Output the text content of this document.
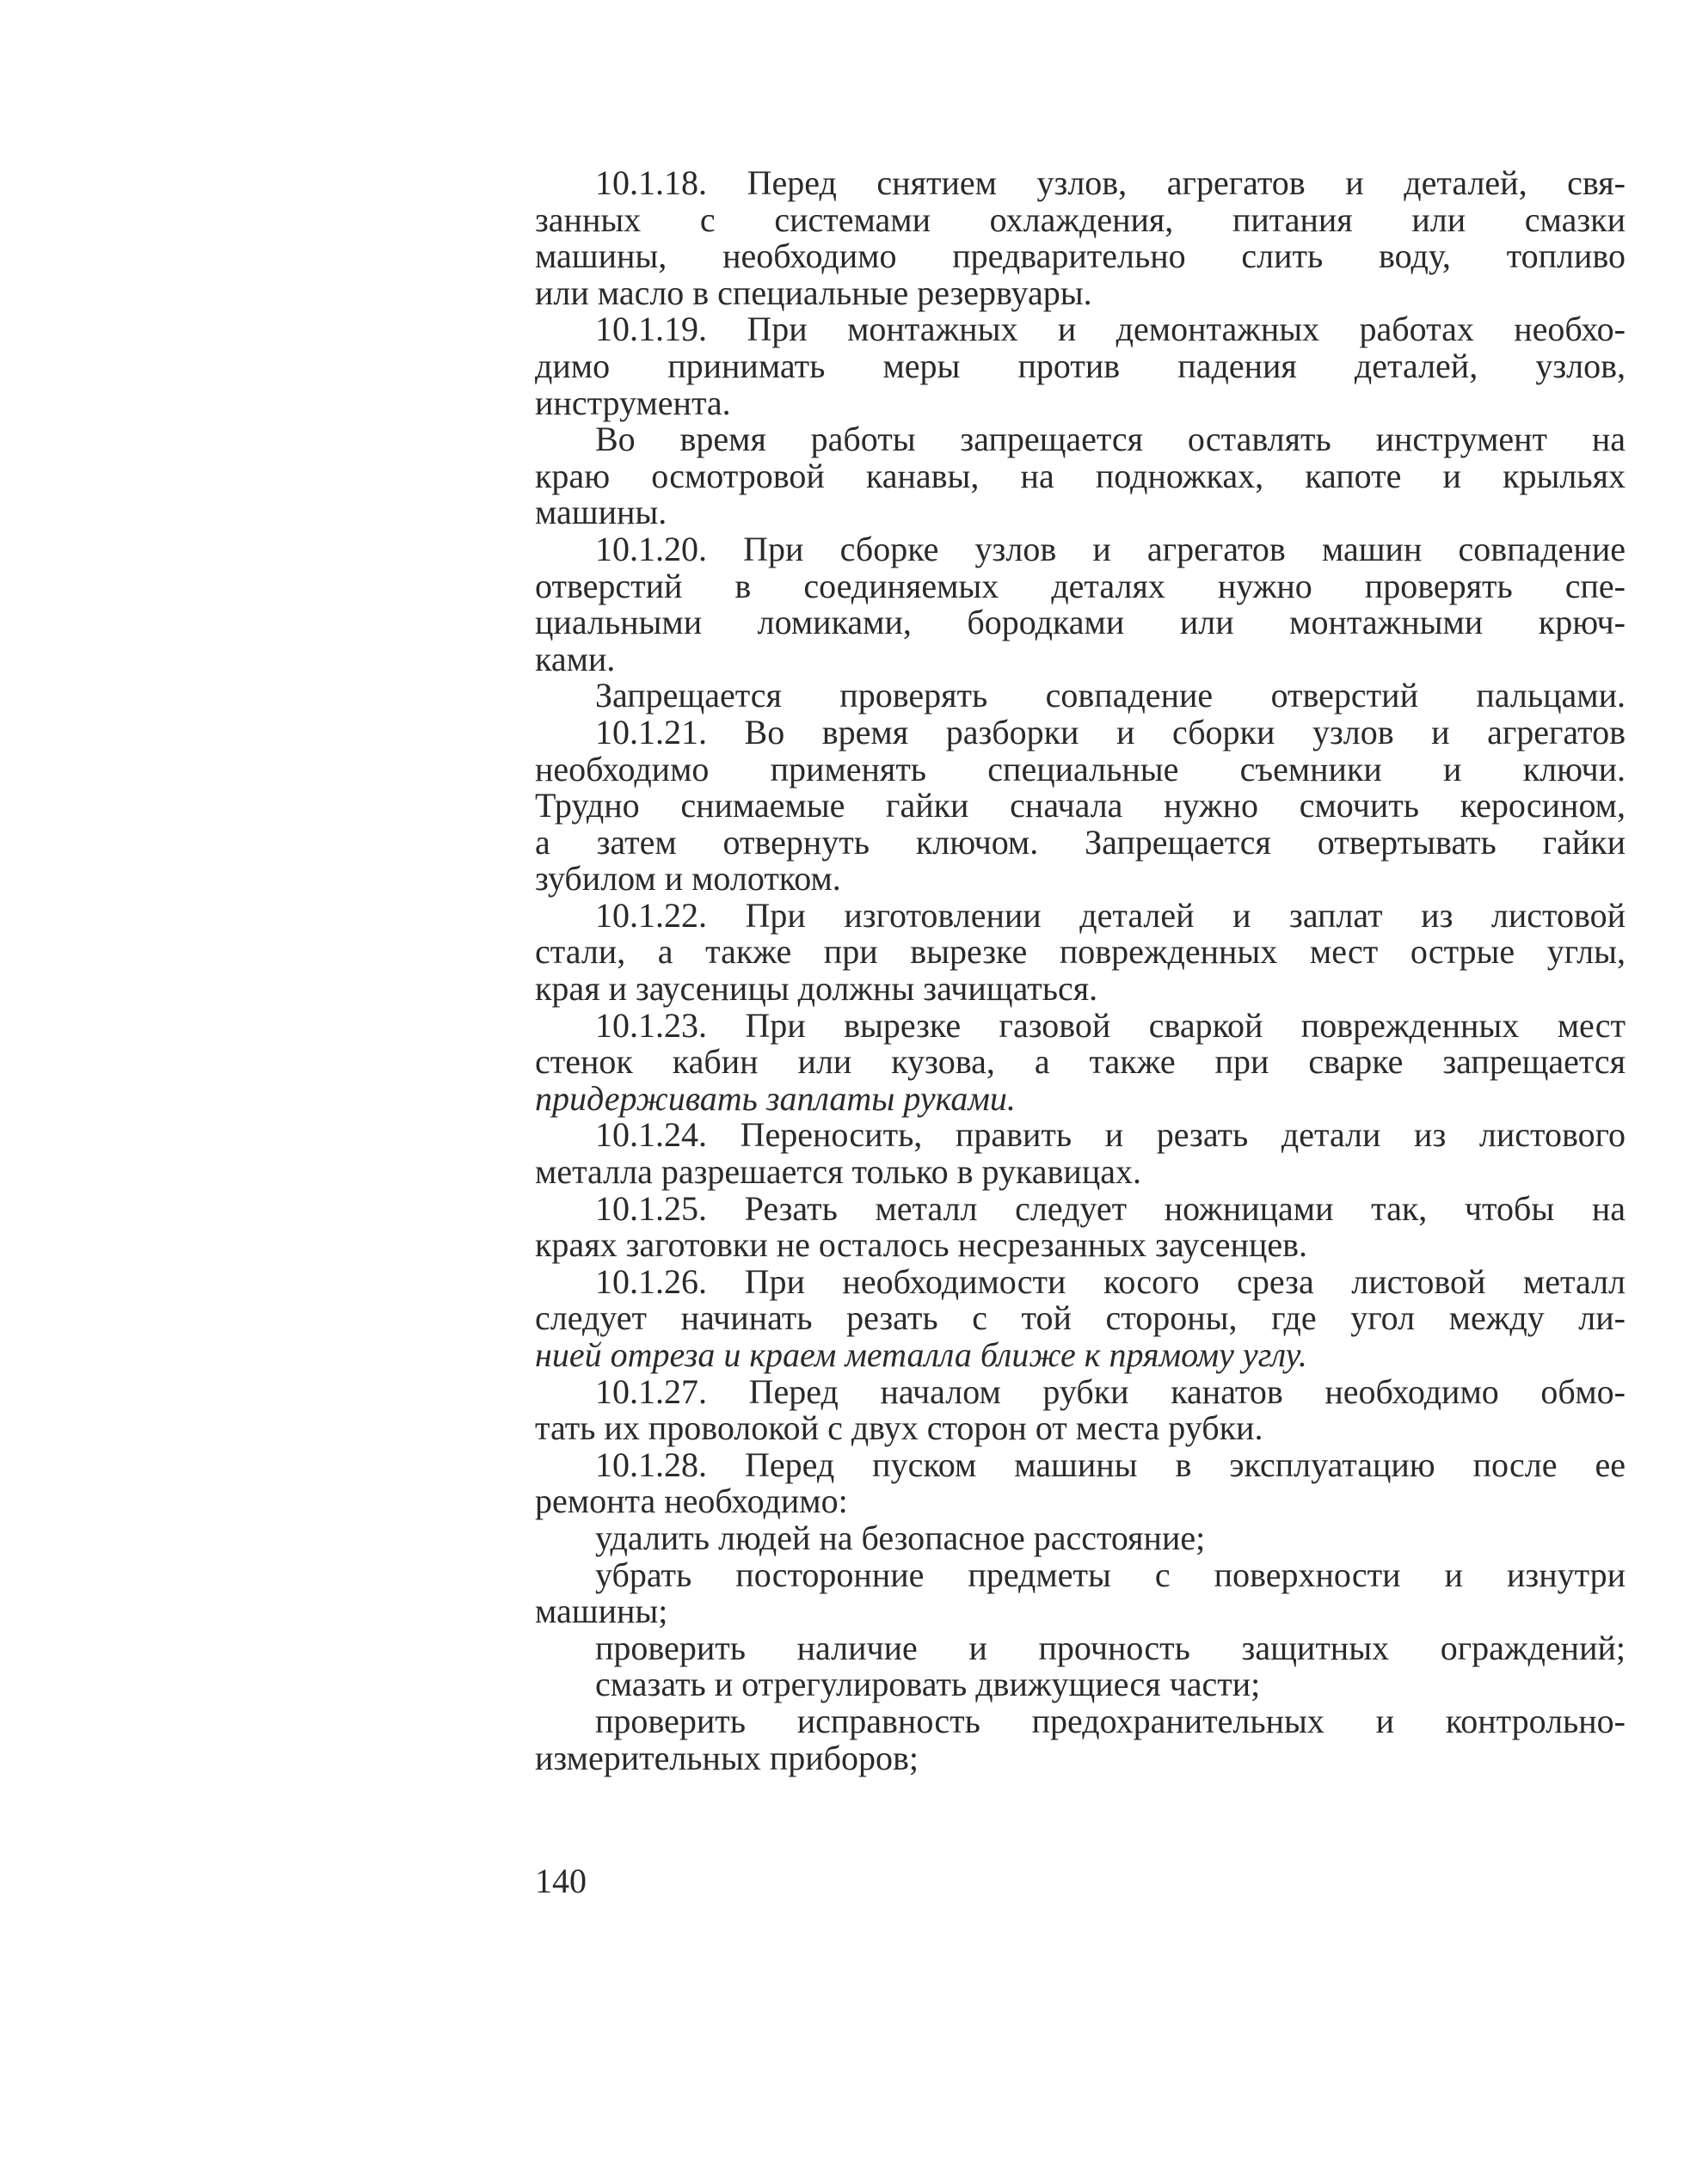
10.1.18. Перед снятием узлов, агрегатов и деталей, свя-
занных с системами охлаждения, питания или смазки
машины, необходимо предварительно слить воду, топливо
или масло в специальные резервуары.
10.1.19. При монтажных и демонтажных работах необхо-
димо принимать меры против падения деталей, узлов,
инструмента.
Во время работы запрещается оставлять инструмент на
краю осмотровой канавы, на подножках, капоте и крыльях
машины.
10.1.20. При сборке узлов и агрегатов машин совпадение
отверстий в соединяемых деталях нужно проверять спе-
циальными ломиками, бородками или монтажными крюч-
ками.
Запрещается проверять совпадение отверстий пальцами.
10.1.21. Во время разборки и сборки узлов и агрегатов
необходимо применять специальные съемники и ключи.
Трудно снимаемые гайки сначала нужно смочить керосином,
а затем отвернуть ключом. Запрещается отвертывать гайки
зубилом и молотком.
10.1.22. При изготовлении деталей и заплат из листовой
стали, а также при вырезке поврежденных мест острые углы,
края и заусеницы должны зачищаться.
10.1.23. При вырезке газовой сваркой поврежденных мест
стенок кабин или кузова, а также при сварке запрещается
придерживать заплаты руками.
10.1.24. Переносить, править и резать детали из листового
металла разрешается только в рукавицах.
10.1.25. Резать металл следует ножницами так, чтобы на
краях заготовки не осталось несрезанных заусенцев.
10.1.26. При необходимости косого среза листовой металл
следует начинать резать с той стороны, где угол между ли-
нией отреза и краем металла ближе к прямому углу.
10.1.27. Перед началом рубки канатов необходимо обмо-
тать их проволокой с двух сторон от места рубки.
10.1.28. Перед пуском машины в эксплуатацию после ее
ремонта необходимо:
удалить людей на безопасное расстояние;
убрать посторонние предметы с поверхности и изнутри
машины;
проверить наличие и прочность защитных ограждений;
смазать и отрегулировать движущиеся части;
проверить исправность предохранительных и контрольно-
измерительных приборов;
140
